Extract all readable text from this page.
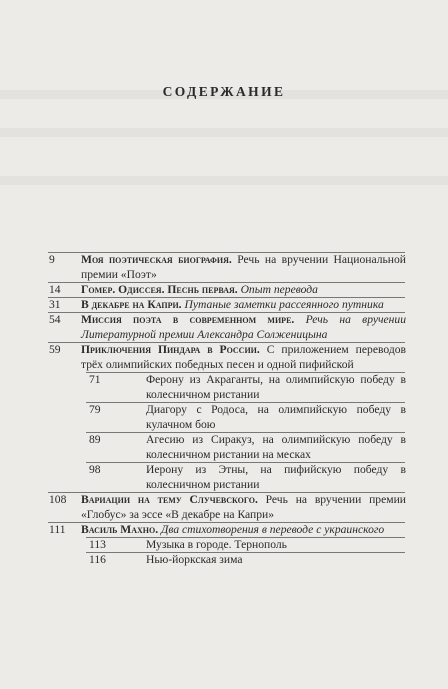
СОДЕРЖАНИЕ
9 Моя поэтическая биография. Речь на вручении Национальной премии «Поэт»
14 Гомер. Одиссея. Песнь первая. Опыт перевода
31 В декабре на Капри. Путаные заметки рассеянного путника
54 Миссия поэта в современном мире. Речь на вручении Литературной премии Александра Солженицына
59 Приключения Пиндара в России. С приложением переводов трёх олимпийских победных песен и одной пифийской
71	Ферону из Акраганты, на олимпийскую победу в колесничном ристании
79	Диагору с Родоса, на олимпийскую победу в кулачном бою
89	Агесию из Сиракуз, на олимпийскую победу в колесничном ристании на месках
98	Иерону из Этны, на пифийскую победу в колесничном ристании
108 Вариации на тему Случевского. Речь на вручении премии «Глобус» за эссе «В декабре на Капри»
111 Василь Махно. Два стихотворения в переводе с украинского
113	Музыка в городе. Тернополь
116	Нью-йоркская зима
